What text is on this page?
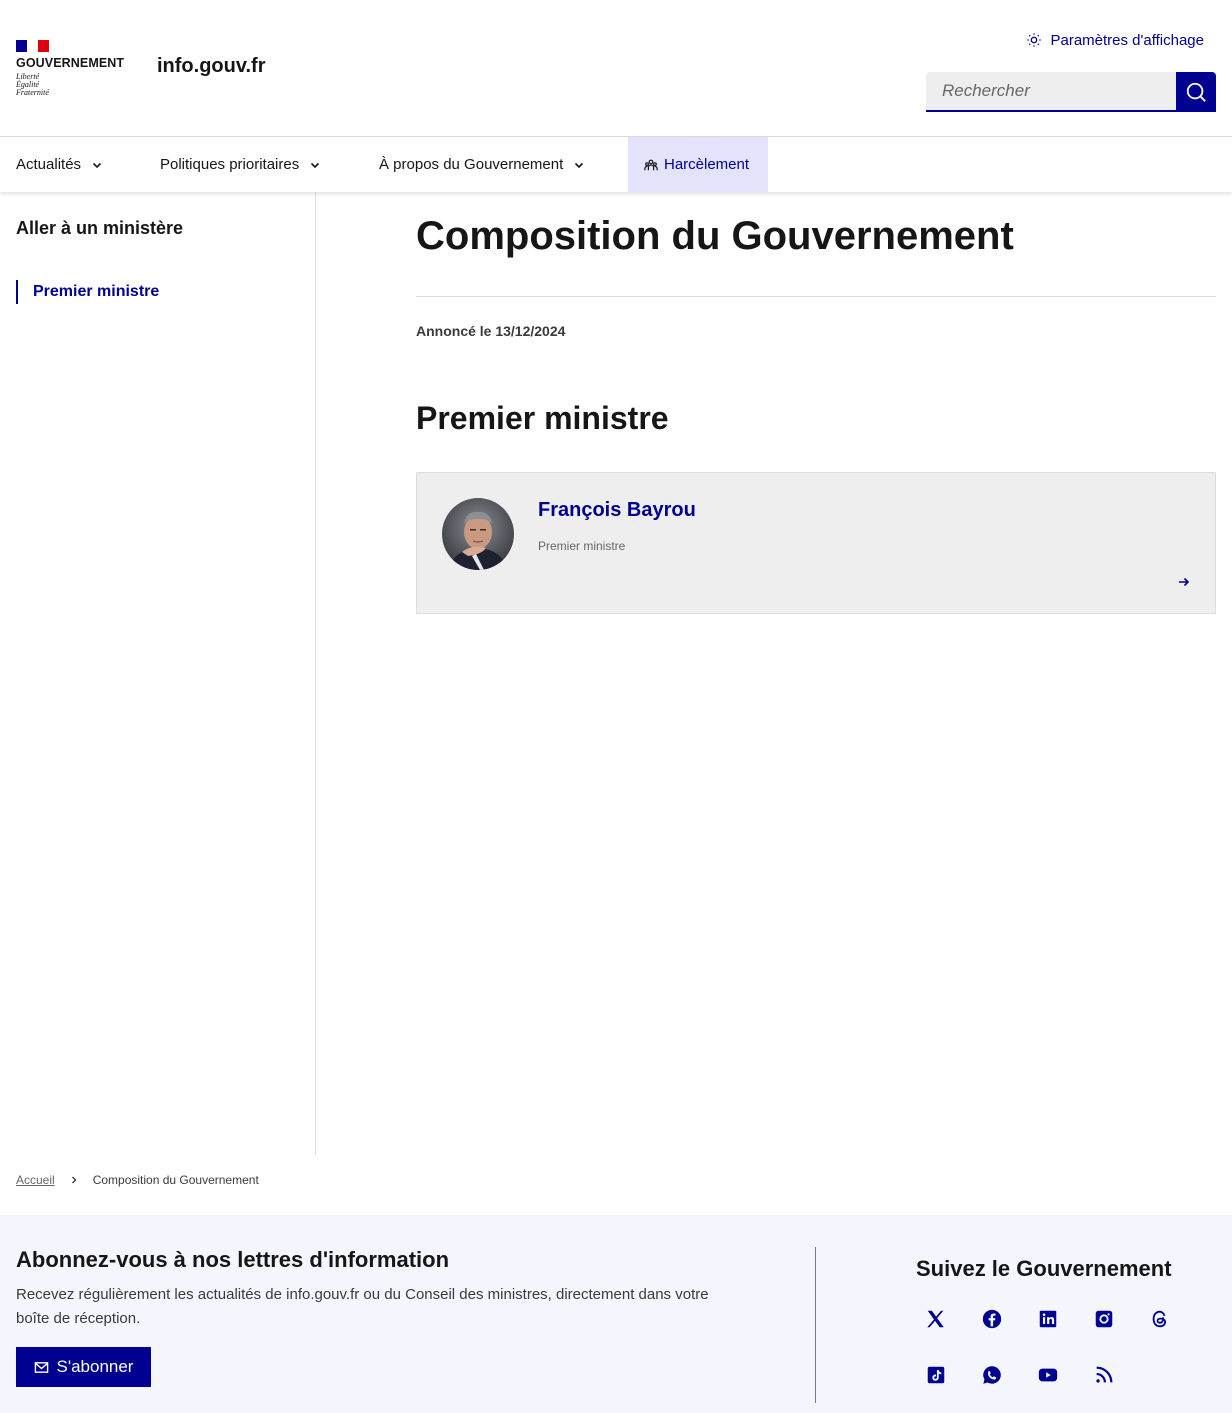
GOUVERNEMENT
Liberté
Égalité
Fraternité
info.gouv.fr
Paramètres d'affichage
Rechercher
Actualités	Politiques prioritaires	À propos du Gouvernement	Harcèlement
Aller à un ministère
Premier ministre
Composition du Gouvernement
Annoncé le 13/12/2024
Premier ministre
François Bayrou
Premier ministre
Accueil	Composition du Gouvernement
Abonnez-vous à nos lettres d'information
Recevez régulièrement les actualités de info.gouv.fr ou du Conseil des ministres, directement dans votre boîte de réception.
S'abonner
Suivez le Gouvernement
